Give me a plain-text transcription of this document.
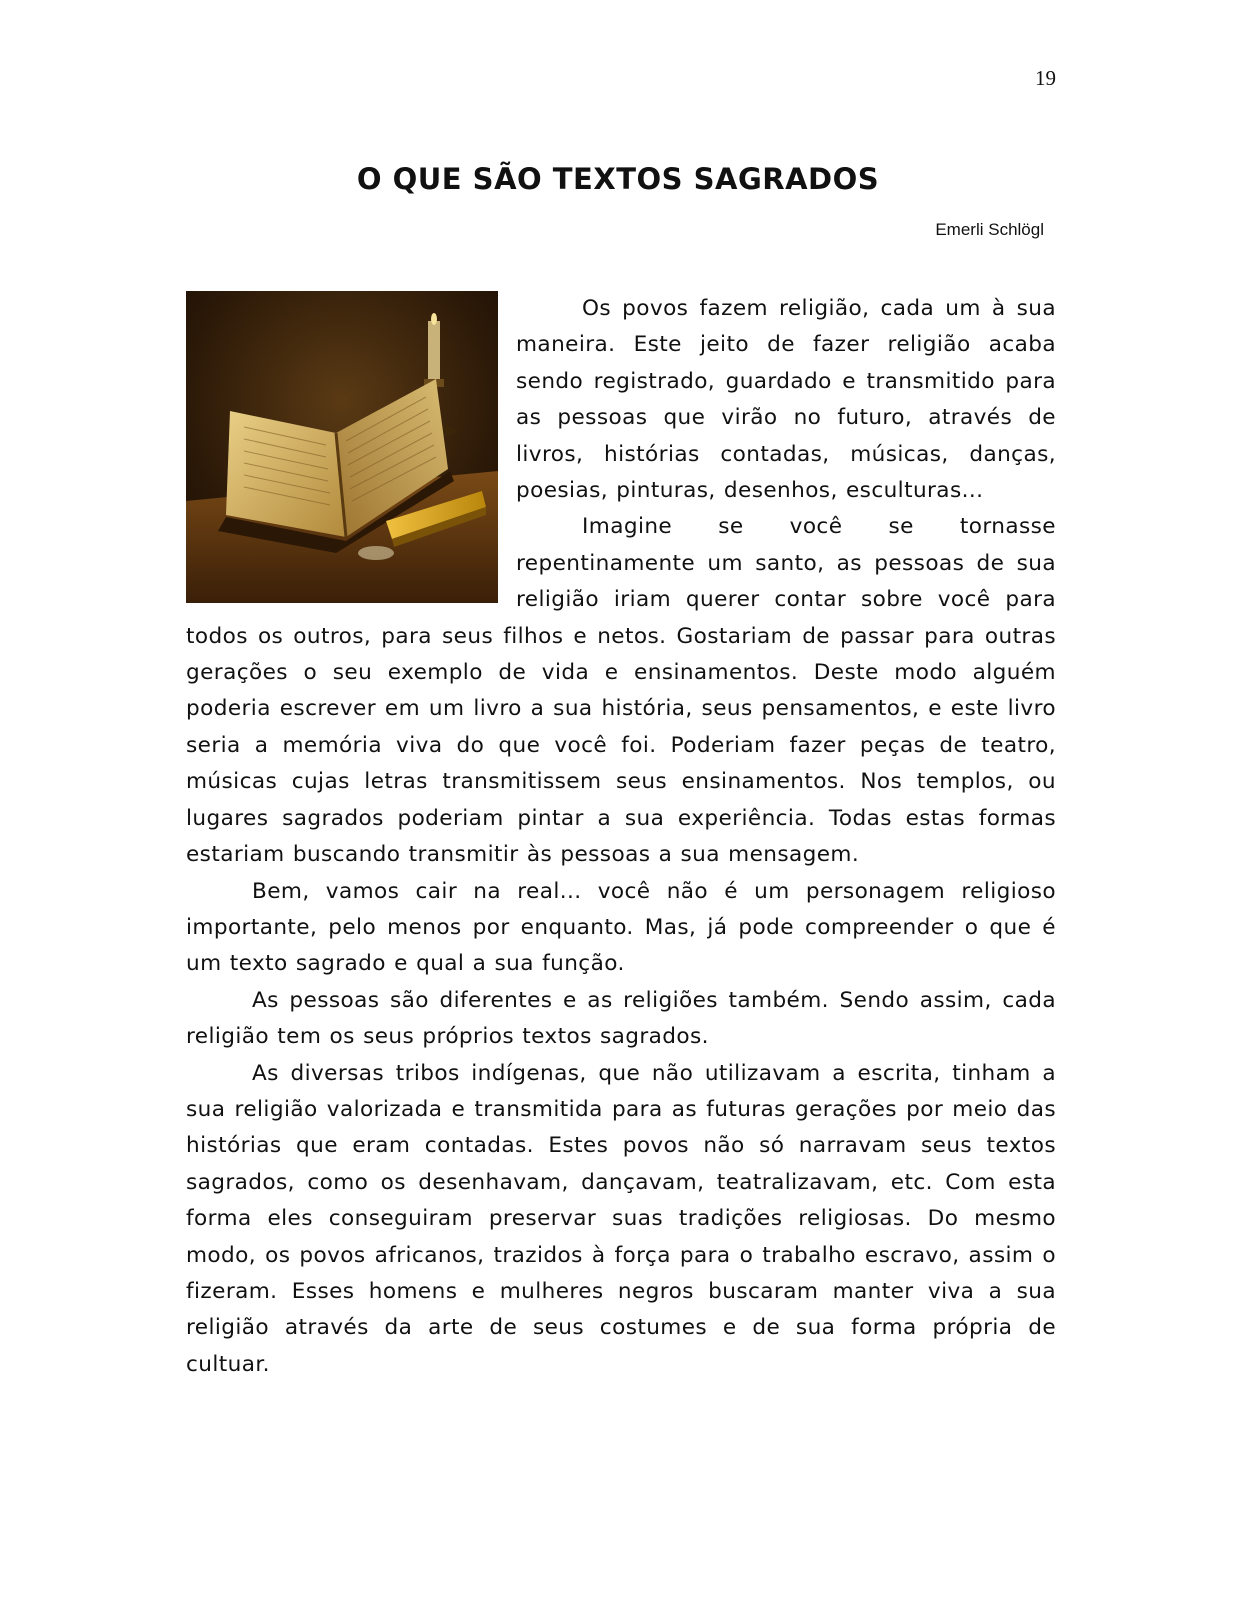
19
O QUE SÃO TEXTOS SAGRADOS
Emerli Schlögl

Os povos fazem religião, cada um à sua maneira. Este jeito de fazer religião acaba sendo registrado, guardado e transmitido para as pessoas que virão no futuro, através de livros, histórias contadas, músicas, danças, poesias, pinturas, desenhos, esculturas...

Imagine se você se tornasse repentinamente um santo, as pessoas de sua religião iriam querer contar sobre você para todos os outros, para seus filhos e netos. Gostariam de passar para outras gerações o seu exemplo de vida e ensinamentos. Deste modo alguém poderia escrever em um livro a sua história, seus pensamentos, e este livro seria a memória viva do que você foi. Poderiam fazer peças de teatro, músicas cujas letras transmitissem seus ensinamentos. Nos templos, ou lugares sagrados poderiam pintar a sua experiência. Todas estas formas estariam buscando transmitir às pessoas a sua mensagem.

Bem, vamos cair na real... você não é um personagem religioso importante, pelo menos por enquanto. Mas, já pode compreender o que é um texto sagrado e qual a sua função.

As pessoas são diferentes e as religiões também. Sendo assim, cada religião tem os seus próprios textos sagrados.

As diversas tribos indígenas, que não utilizavam a escrita, tinham a sua religião valorizada e transmitida para as futuras gerações por meio das histórias que eram contadas. Estes povos não só narravam seus textos sagrados, como os desenhavam, dançavam, teatralizavam, etc. Com esta forma eles conseguiram preservar suas tradições religiosas. Do mesmo modo, os povos africanos, trazidos à força para o trabalho escravo, assim o fizeram. Esses homens e mulheres negros buscaram manter viva a sua religião através da arte de seus costumes e de sua forma própria de cultuar.
